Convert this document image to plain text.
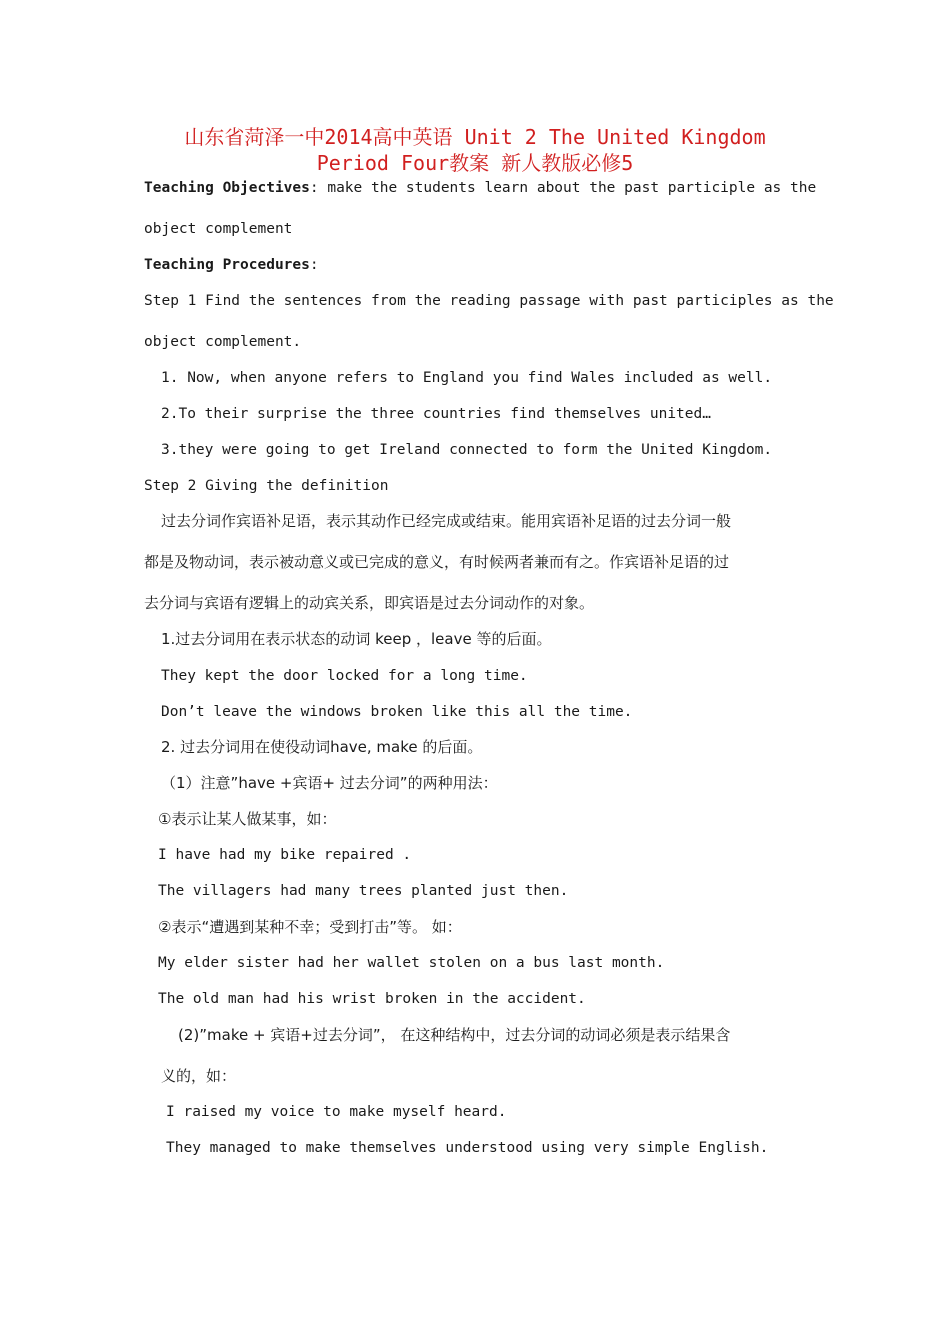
山东省菏泽一中2014高中英语 Unit 2 The United Kingdom
Period Four教案 新人教版必修5
Teaching Objectives: make the students learn about the past participle as the
object complement
Teaching Procedures:
Step 1 Find the sentences from the reading passage with past participles as the
object complement.
1. Now, when anyone refers to England you find Wales included as well.
2.To their surprise the three countries find themselves united…
3.they were going to get Ireland connected to form the United Kingdom.
Step 2 Giving the definition
过去分词作宾语补足语，表示其动作已经完成或结束。能用宾语补足语的过去分词一般
都是及物动词，表示被动意义或已完成的意义，有时候两者兼而有之。作宾语补足语的过
去分词与宾语有逻辑上的动宾关系，即宾语是过去分词动作的对象。
1.过去分词用在表示状态的动词 keep ，leave 等的后面。
They kept the door locked for a long time.
Don’t leave the windows broken like this all the time.
2. 过去分词用在使役动词have, make 的后面。
（1）注意”have +宾语+ 过去分词”的两种用法：
①表示让某人做某事，如：
I have had my bike repaired .
The villagers had many trees planted just then.
②表示“遭遇到某种不幸；受到打击”等。 如：
My elder sister had her wallet stolen on a bus last month.
The old man had his wrist broken in the accident.
(2)”make + 宾语+过去分词”， 在这种结构中，过去分词的动词必须是表示结果含
义的，如：
I raised my voice to make myself heard.
They managed to make themselves understood using very simple English.
